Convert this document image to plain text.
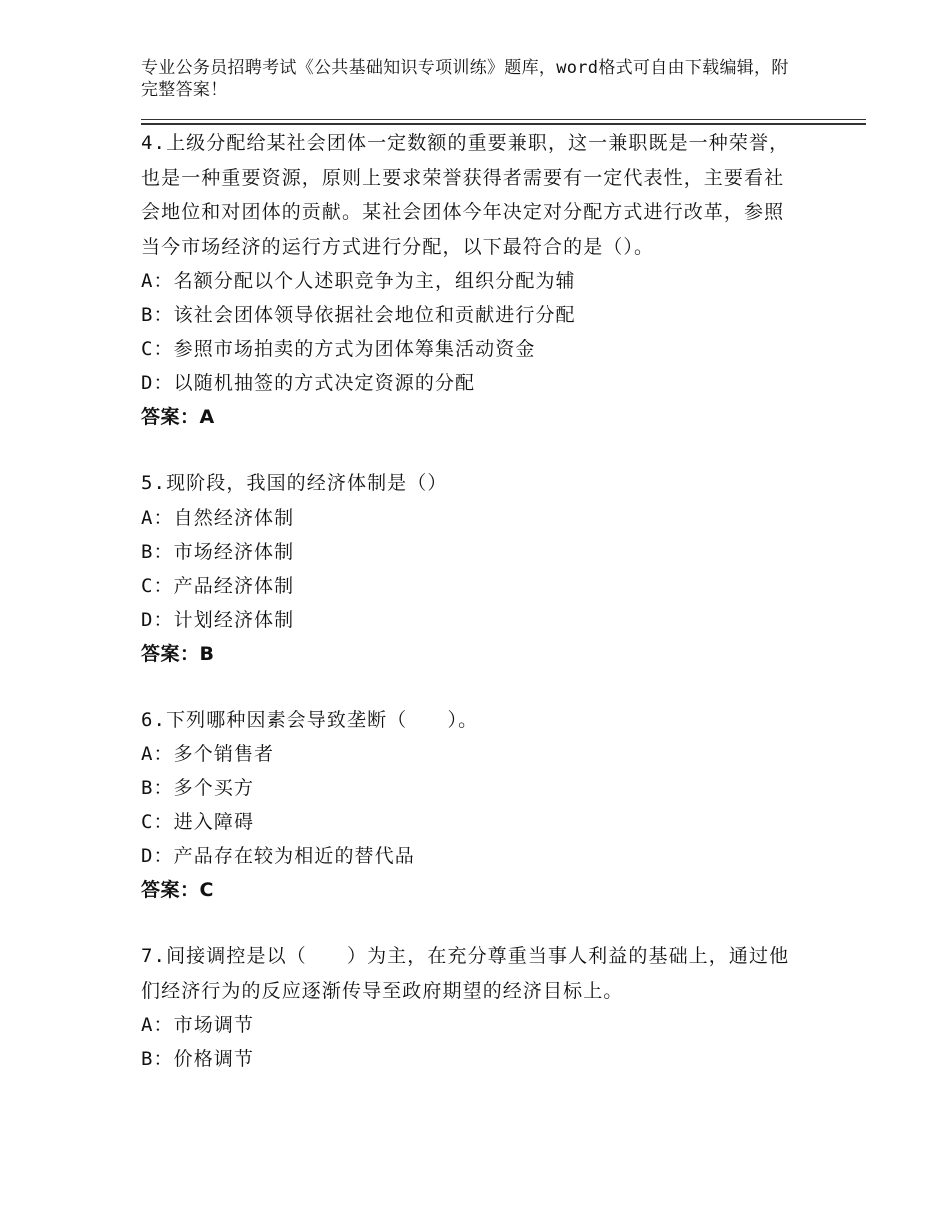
专业公务员招聘考试《公共基础知识专项训练》题库，word格式可自由下载编辑，附完整答案！

4.上级分配给某社会团体一定数额的重要兼职，这一兼职既是一种荣誉，也是一种重要资源，原则上要求荣誉获得者需要有一定代表性，主要看社会地位和对团体的贡献。某社会团体今年决定对分配方式进行改革，参照当今市场经济的运行方式进行分配，以下最符合的是（）。

A：名额分配以个人述职竞争为主，组织分配为辅

B：该社会团体领导依据社会地位和贡献进行分配

C：参照市场拍卖的方式为团体筹集活动资金

D：以随机抽签的方式决定资源的分配

答案：A

5.现阶段，我国的经济体制是（）

A：自然经济体制

B：市场经济体制

C：产品经济体制

D：计划经济体制

答案：B

6.下列哪种因素会导致垄断（　　）。

A：多个销售者

B：多个买方

C：进入障碍

D：产品存在较为相近的替代品

答案：C

7.间接调控是以（　　）为主，在充分尊重当事人利益的基础上，通过他们经济行为的反应逐渐传导至政府期望的经济目标上。

A：市场调节

B：价格调节
